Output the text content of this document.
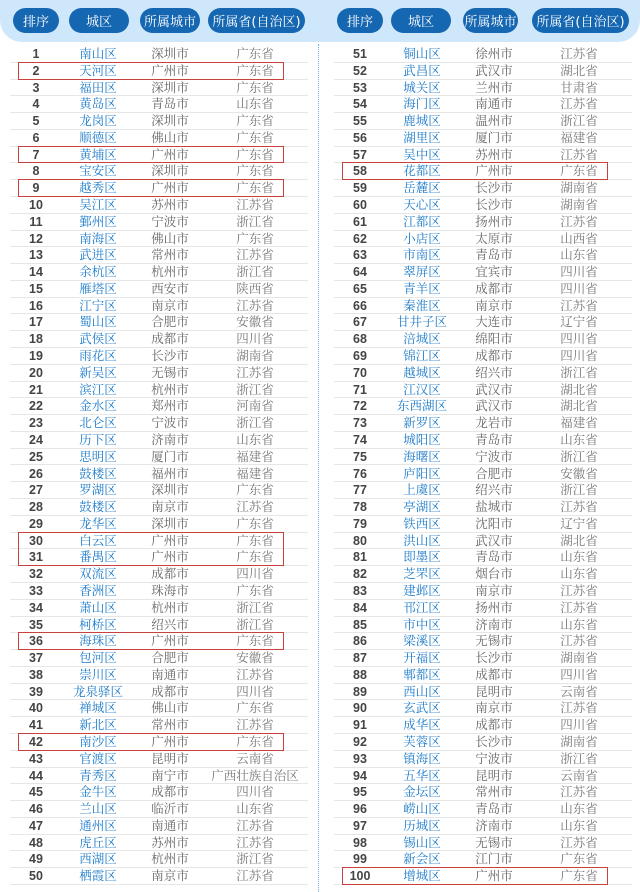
排序	城区	所属城市	所属省(自治区)	排序	城区	所属城市	所属省(自治区)
1	南山区	深圳市	广东省
2	天河区	广州市	广东省
3	福田区	深圳市	广东省
4	黄岛区	青岛市	山东省
5	龙岗区	深圳市	广东省
6	顺德区	佛山市	广东省
7	黄埔区	广州市	广东省
8	宝安区	深圳市	广东省
9	越秀区	广州市	广东省
10	吴江区	苏州市	江苏省
11	鄞州区	宁波市	浙江省
12	南海区	佛山市	广东省
13	武进区	常州市	江苏省
14	余杭区	杭州市	浙江省
15	雁塔区	西安市	陕西省
16	江宁区	南京市	江苏省
17	蜀山区	合肥市	安徽省
18	武侯区	成都市	四川省
19	雨花区	长沙市	湖南省
20	新吴区	无锡市	江苏省
21	滨江区	杭州市	浙江省
22	金水区	郑州市	河南省
23	北仑区	宁波市	浙江省
24	历下区	济南市	山东省
25	思明区	厦门市	福建省
26	鼓楼区	福州市	福建省
27	罗湖区	深圳市	广东省
28	鼓楼区	南京市	江苏省
29	龙华区	深圳市	广东省
30	白云区	广州市	广东省
31	番禺区	广州市	广东省
32	双流区	成都市	四川省
33	香洲区	珠海市	广东省
34	萧山区	杭州市	浙江省
35	柯桥区	绍兴市	浙江省
36	海珠区	广州市	广东省
37	包河区	合肥市	安徽省
38	崇川区	南通市	江苏省
39	龙泉驿区	成都市	四川省
40	禅城区	佛山市	广东省
41	新北区	常州市	江苏省
42	南沙区	广州市	广东省
43	官渡区	昆明市	云南省
44	青秀区	南宁市	广西壮族自治区
45	金牛区	成都市	四川省
46	兰山区	临沂市	山东省
47	通州区	南通市	江苏省
48	虎丘区	苏州市	江苏省
49	西湖区	杭州市	浙江省
50	栖霞区	南京市	江苏省
51	铜山区	徐州市	江苏省
52	武昌区	武汉市	湖北省
53	城关区	兰州市	甘肃省
54	海门区	南通市	江苏省
55	鹿城区	温州市	浙江省
56	湖里区	厦门市	福建省
57	吴中区	苏州市	江苏省
58	花都区	广州市	广东省
59	岳麓区	长沙市	湖南省
60	天心区	长沙市	湖南省
61	江都区	扬州市	江苏省
62	小店区	太原市	山西省
63	市南区	青岛市	山东省
64	翠屏区	宜宾市	四川省
65	青羊区	成都市	四川省
66	秦淮区	南京市	江苏省
67	甘井子区	大连市	辽宁省
68	涪城区	绵阳市	四川省
69	锦江区	成都市	四川省
70	越城区	绍兴市	浙江省
71	江汉区	武汉市	湖北省
72	东西湖区	武汉市	湖北省
73	新罗区	龙岩市	福建省
74	城阳区	青岛市	山东省
75	海曙区	宁波市	浙江省
76	庐阳区	合肥市	安徽省
77	上虞区	绍兴市	浙江省
78	亭湖区	盐城市	江苏省
79	铁西区	沈阳市	辽宁省
80	洪山区	武汉市	湖北省
81	即墨区	青岛市	山东省
82	芝罘区	烟台市	山东省
83	建邺区	南京市	江苏省
84	邗江区	扬州市	江苏省
85	市中区	济南市	山东省
86	梁溪区	无锡市	江苏省
87	开福区	长沙市	湖南省
88	郫都区	成都市	四川省
89	西山区	昆明市	云南省
90	玄武区	南京市	江苏省
91	成华区	成都市	四川省
92	芙蓉区	长沙市	湖南省
93	镇海区	宁波市	浙江省
94	五华区	昆明市	云南省
95	金坛区	常州市	江苏省
96	崂山区	青岛市	山东省
97	历城区	济南市	山东省
98	锡山区	无锡市	江苏省
99	新会区	江门市	广东省
100	增城区	广州市	广东省
